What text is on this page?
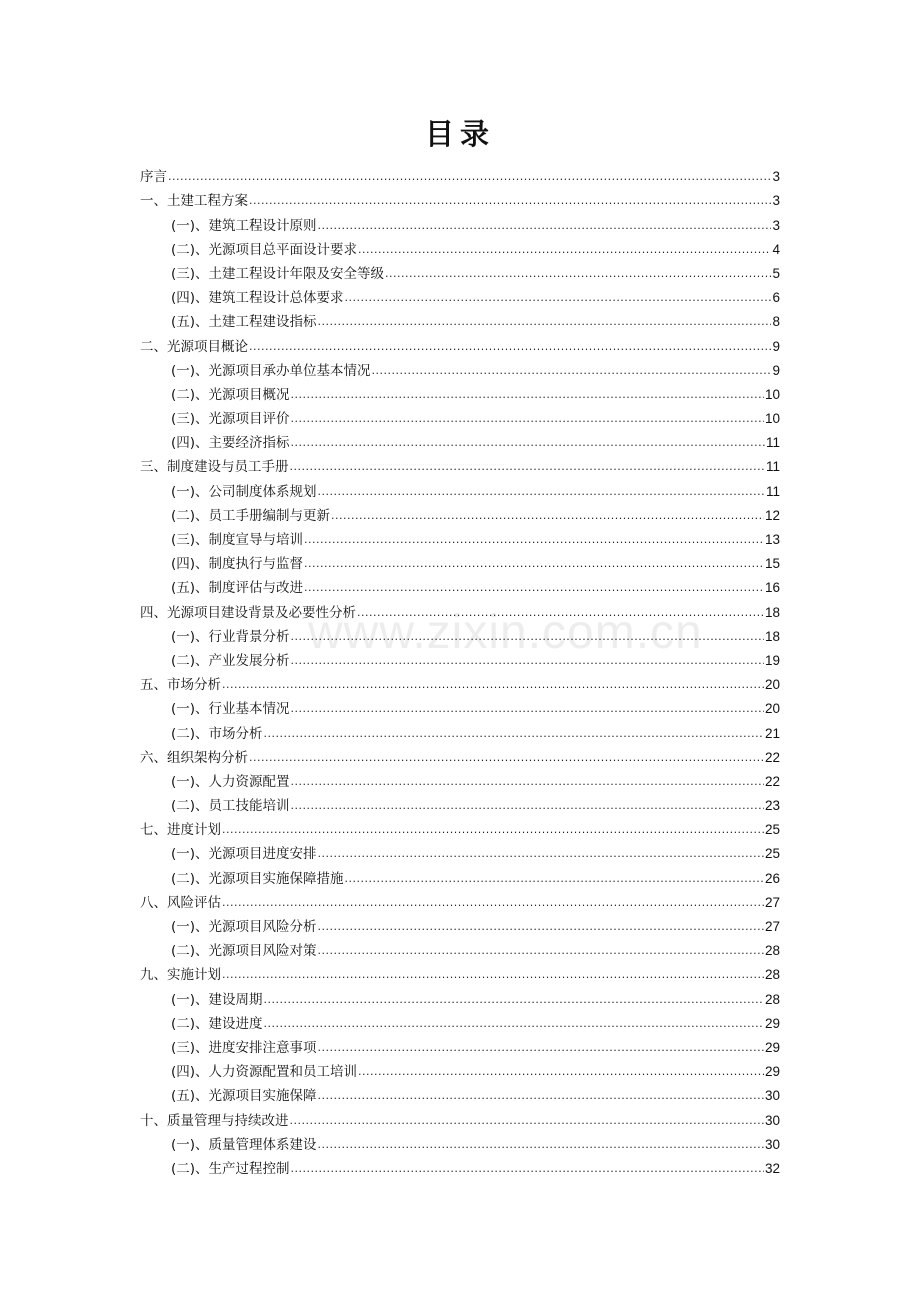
目录
序言 .....	3
一、土建工程方案 .....	3
(一)、建筑工程设计原则 .....	3
(二)、光源项目总平面设计要求 .....	4
(三)、土建工程设计年限及安全等级 .....	5
(四)、建筑工程设计总体要求 .....	6
(五)、土建工程建设指标 .....	8
二、光源项目概论 .....	9
(一)、光源项目承办单位基本情况 .....	9
(二)、光源项目概况 .....	10
(三)、光源项目评价 .....	10
(四)、主要经济指标 .....	11
三、制度建设与员工手册 .....	11
(一)、公司制度体系规划 .....	11
(二)、员工手册编制与更新 .....	12
(三)、制度宣导与培训 .....	13
(四)、制度执行与监督 .....	15
(五)、制度评估与改进 .....	16
四、光源项目建设背景及必要性分析 .....	18
(一)、行业背景分析 .....	18
(二)、产业发展分析 .....	19
五、市场分析 .....	20
(一)、行业基本情况 .....	20
(二)、市场分析 .....	21
六、组织架构分析 .....	22
(一)、人力资源配置 .....	22
(二)、员工技能培训 .....	23
七、进度计划 .....	25
(一)、光源项目进度安排 .....	25
(二)、光源项目实施保障措施 .....	26
八、风险评估 .....	27
(一)、光源项目风险分析 .....	27
(二)、光源项目风险对策 .....	28
九、实施计划 .....	28
(一)、建设周期 .....	28
(二)、建设进度 .....	29
(三)、进度安排注意事项 .....	29
(四)、人力资源配置和员工培训 .....	29
(五)、光源项目实施保障 .....	30
十、质量管理与持续改进 .....	30
(一)、质量管理体系建设 .....	30
(二)、生产过程控制 .....	32
www.zixin.com.cn
